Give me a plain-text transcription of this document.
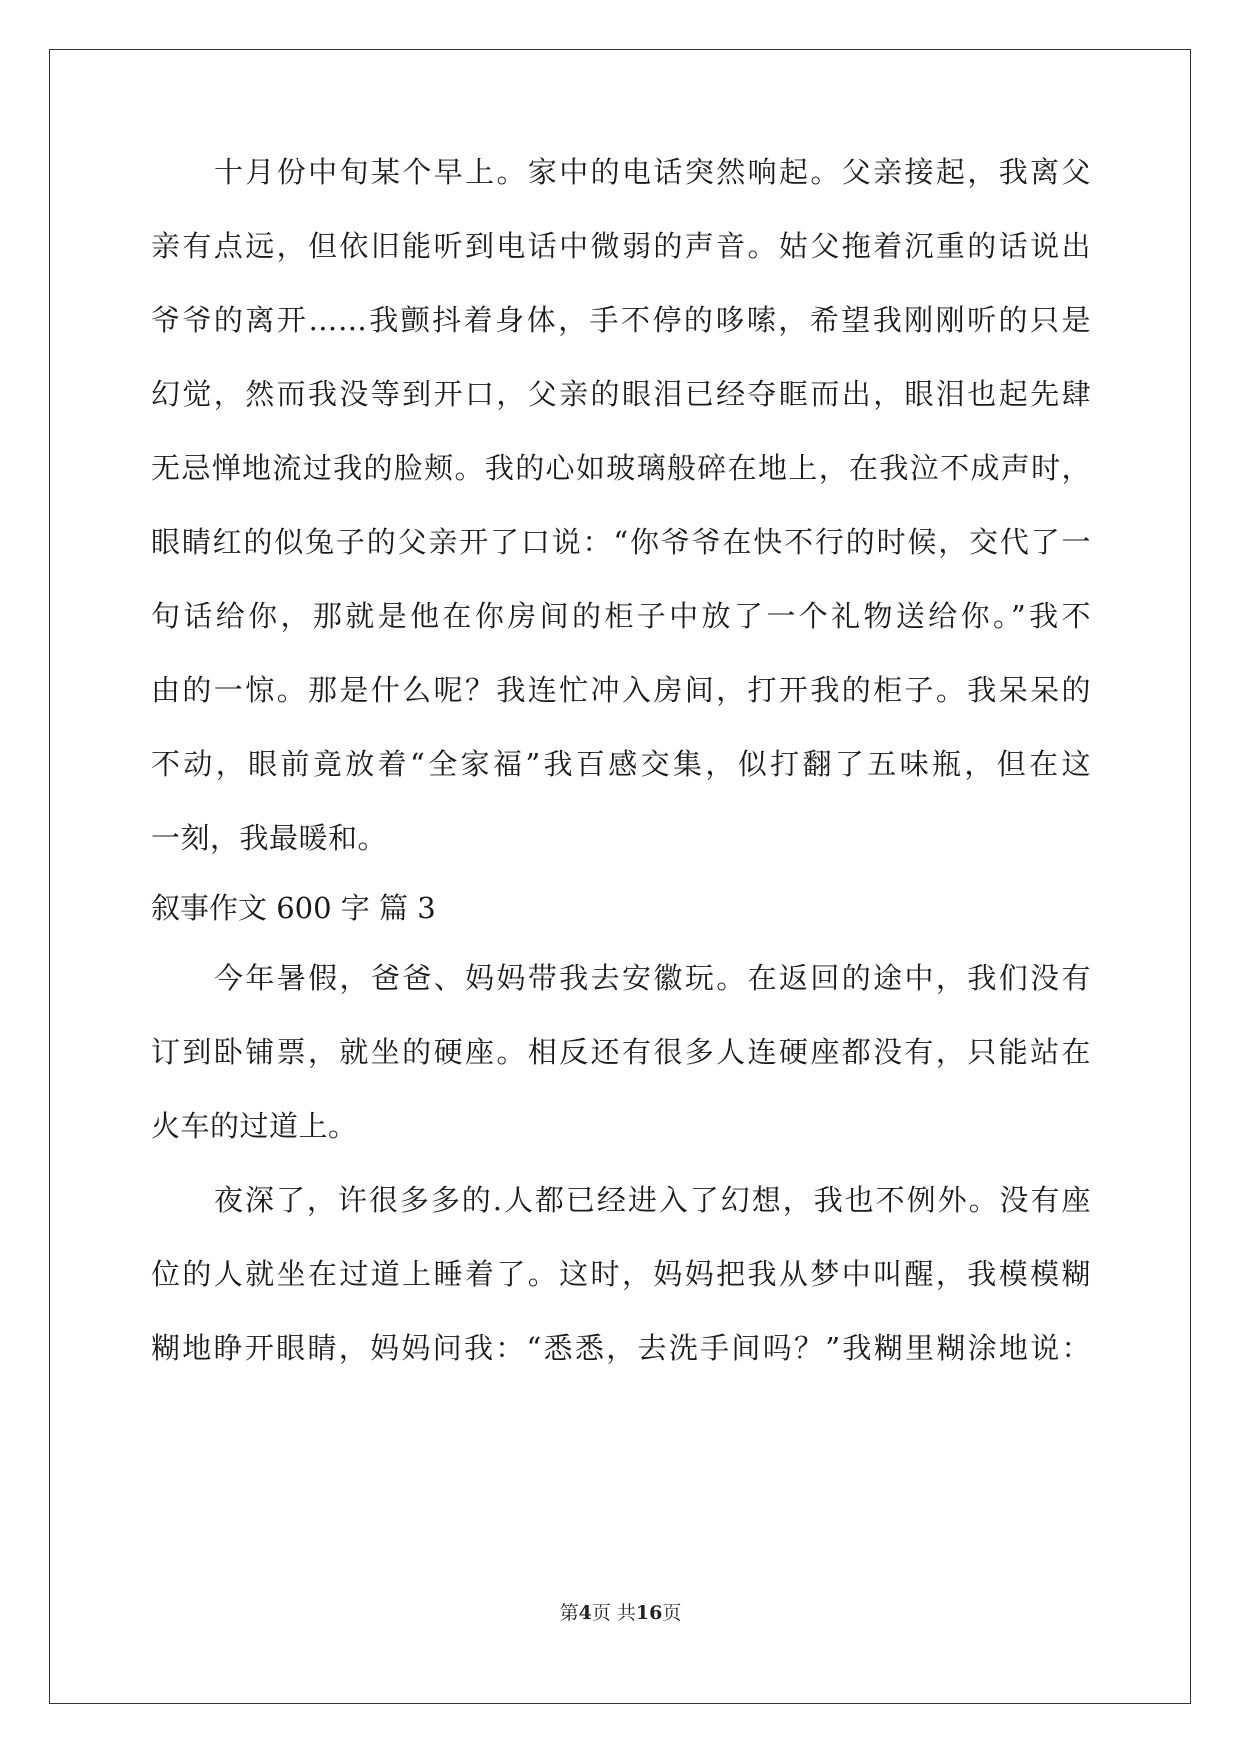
十月份中旬某个早上。家中的电话突然响起。父亲接起，我离父
亲有点远，但依旧能听到电话中微弱的声音。姑父拖着沉重的话说出
爷爷的离开……我颤抖着身体，手不停的哆嗦，希望我刚刚听的只是
幻觉，然而我没等到开口，父亲的眼泪已经夺眶而出，眼泪也起先肆
无忌惮地流过我的脸颊。我的心如玻璃般碎在地上，在我泣不成声时，
眼睛红的似兔子的父亲开了口说：“你爷爷在快不行的时候，交代了一
句话给你，那就是他在你房间的柜子中放了一个礼物送给你。”我不
由的一惊。那是什么呢？我连忙冲入房间，打开我的柜子。我呆呆的
不动，眼前竟放着“全家福”我百感交集，似打翻了五味瓶，但在这
一刻，我最暖和。
叙事作文 600 字 篇 3
今年暑假，爸爸、妈妈带我去安徽玩。在返回的途中，我们没有
订到卧铺票，就坐的硬座。相反还有很多人连硬座都没有，只能站在
火车的过道上。
夜深了，许很多多的.人都已经进入了幻想，我也不例外。没有座
位的人就坐在过道上睡着了。这时，妈妈把我从梦中叫醒，我模模糊
糊地睁开眼睛，妈妈问我：“悉悉，去洗手间吗？”我糊里糊涂地说：
第4页 共16页
